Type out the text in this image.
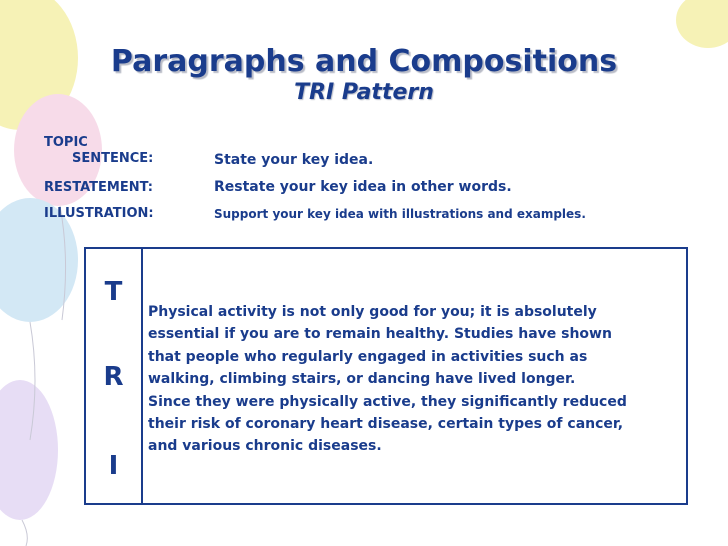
Paragraphs and Compositions
TRI Pattern
TOPIC
SENTENCE:	State your key idea.
RESTATEMENT:	Restate your key idea in other words.
ILLUSTRATION:	Support your key idea with illustrations and examples.
T
R
I

Physical activity is not only good for you; it is absolutely
essential if you are to remain healthy. Studies have shown
that people who regularly engaged in activities such as
walking, climbing stairs, or dancing have lived longer.
Since they were physically active, they significantly reduced
their risk of coronary heart disease, certain types of cancer,
and various chronic diseases.
